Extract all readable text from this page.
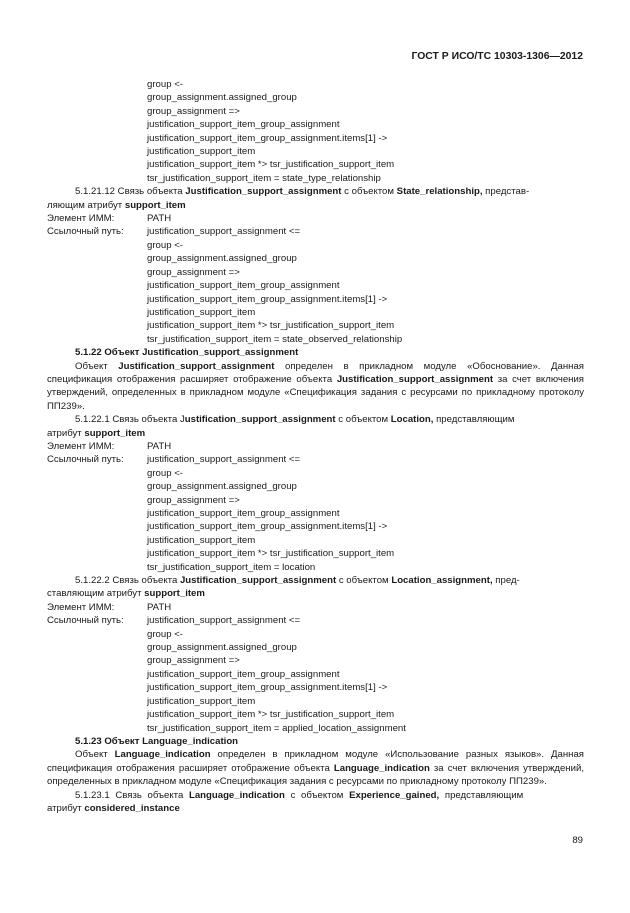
ГОСТ Р ИСО/ТС 10303-1306—2012
group <-
group_assignment.assigned_group
group_assignment =>
justification_support_item_group_assignment
justification_support_item_group_assignment.items[1] ->
justification_support_item
justification_support_item *> tsr_justification_support_item
tsr_justification_support_item = state_type_relationship
5.1.21.12 Связь объекта Justification_support_assignment с объектом State_relationship, представ-
ляющим атрибут support_item
Элемент ИММ:	PATH
Ссылочный путь:	justification_support_assignment <=
group <-
group_assignment.assigned_group
group_assignment =>
justification_support_item_group_assignment
justification_support_item_group_assignment.items[1] ->
justification_support_item
justification_support_item *> tsr_justification_support_item
tsr_justification_support_item = state_observed_relationship
5.1.22 Объект Justification_support_assignment
Объект Justification_support_assignment определен в прикладном модуле «Обоснование». Данная спецификация отображения расширяет отображение объекта Justification_support_assignment за счет включения утверждений, определенных в прикладном модуле «Спецификация задания с ресурсами по прикладному протоколу ПП239».
5.1.22.1 Связь объекта Justification_support_assignment с объектом Location, представляющим
атрибут support_item
Элемент ИММ:	PATH
Ссылочный путь:	justification_support_assignment <=
group <-
group_assignment.assigned_group
group_assignment =>
justification_support_item_group_assignment
justification_support_item_group_assignment.items[1] ->
justification_support_item
justification_support_item *> tsr_justification_support_item
tsr_justification_support_item = location
5.1.22.2 Связь объекта Justification_support_assignment с объектом Location_assignment, пред-
ставляющим атрибут support_item
Элемент ИММ:	PATH
Ссылочный путь:	justification_support_assignment <=
group <-
group_assignment.assigned_group
group_assignment =>
justification_support_item_group_assignment
justification_support_item_group_assignment.items[1] ->
justification_support_item
justification_support_item *> tsr_justification_support_item
tsr_justification_support_item = applied_location_assignment
5.1.23 Объект Language_indication
Объект Language_indication определен в прикладном модуле «Использование разных языков». Данная спецификация отображения расширяет отображение объекта Language_indication за счет включения утверждений, определенных в прикладном модуле «Спецификация задания с ресурсами по прикладному протоколу ПП239».
5.1.23.1 Связь объекта Language_indication с объектом Experience_gained, представляющим
атрибут considered_instance
89
